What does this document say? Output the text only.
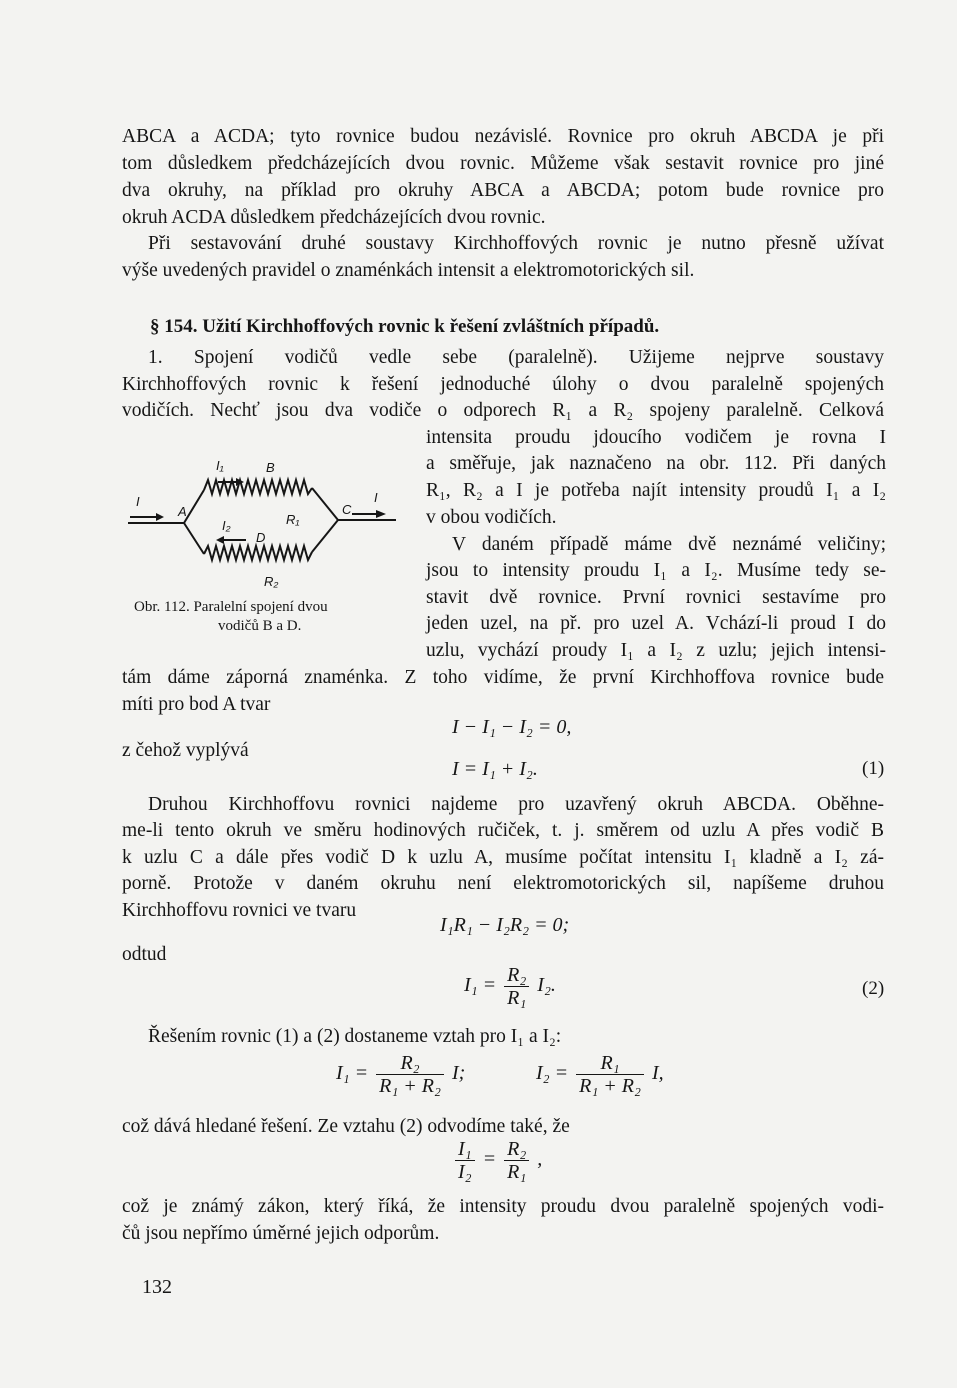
ABCA a ACDA; tyto rovnice budou nezávislé. Rovnice pro okruh ABCDA je při
tom důsledkem předcházejících dvou rovnic. Můžeme však sestavit rovnice pro jiné
dva okruhy, na příklad pro okruhy ABCA a ABCDA; potom bude rovnice pro
okruh ACDA důsledkem předcházejících dvou rovnic.
Při sestavování druhé soustavy Kirchhoffových rovnic je nutno přesně užívat
výše uvedených pravidel o znaménkách intensit a elektromotorických sil.
§ 154. Užití Kirchhoffových rovnic k řešení zvláštních případů.
1. Spojení vodičů vedle sebe (paralelně). Užijeme nejprve soustavy
Kirchhoffových rovnic k řešení jednoduché úlohy o dvou paralelně spojených
vodičích. Nechť jsou dva vodiče o odporech R₁ a R₂ spojeny paralelně. Celková
intensita proudu jdoucího vodičem je rovna I
a směřuje, jak naznačeno na obr. 112. Při daných
R₁, R₂ a I je potřeba najít intensity proudů I₁ a I₂
v obou vodičích.
V daném případě máme dvě neznámé veličiny;
jsou to intensity proudu I₁ a I₂. Musíme tedy se-
stavit dvě rovnice. První rovnici sestavíme pro
jeden uzel, na př. pro uzel A. Vchází-li proud I do
uzlu, vychází proudy I₁ a I₂ z uzlu; jejich intensi-
I
A
I₁	B
R₁
C
I
I₂
D
R₂
Obr. 112. Paralelní spojení dvou
vodičů B a D.
tám dáme záporná znaménka. Z toho vidíme, že první Kirchhoffova rovnice bude
míti pro bod A tvar
I − I₁ − I₂ = 0,
z čehož vyplývá
I = I₁ + I₂.	(1)
Druhou Kirchhoffovu rovnici najdeme pro uzavřený okruh ABCDA. Oběhne-
me-li tento okruh ve směru hodinových ručiček, t. j. směrem od uzlu A přes vodič B
k uzlu C a dále přes vodič D k uzlu A, musíme počítat intensitu I₁ kladně a I₂ zá-
porně. Protože v daném okruhu není elektromotorických sil, napíšeme druhou
Kirchhoffovu rovnici ve tvaru
I₁R₁ − I₂R₂ = 0;
odtud
$I_1 = \frac{\text{R₂}}{\text{R₁}} I_2$.	(2)
Řešením rovnic (1) a (2) dostaneme vztah pro I₁ a I₂:
$I_1 = \frac{\text{R₂}}{\text{R₁ + R₂}} I$;	$I_2 = \frac{\text{R₁}}{\text{R₁ + R₂}} I$,
což dává hledané řešení. Ze vztahu (2) odvodíme také, že
$\frac{\text{I₁}}{\text{I₂}} = \frac{\text{R₂}}{\text{R₁}}$ ,
což je známý zákon, který říká, že intensity proudu dvou paralelně spojených vodi-
čů jsou nepřímo úměrné jejich odporům.
132
